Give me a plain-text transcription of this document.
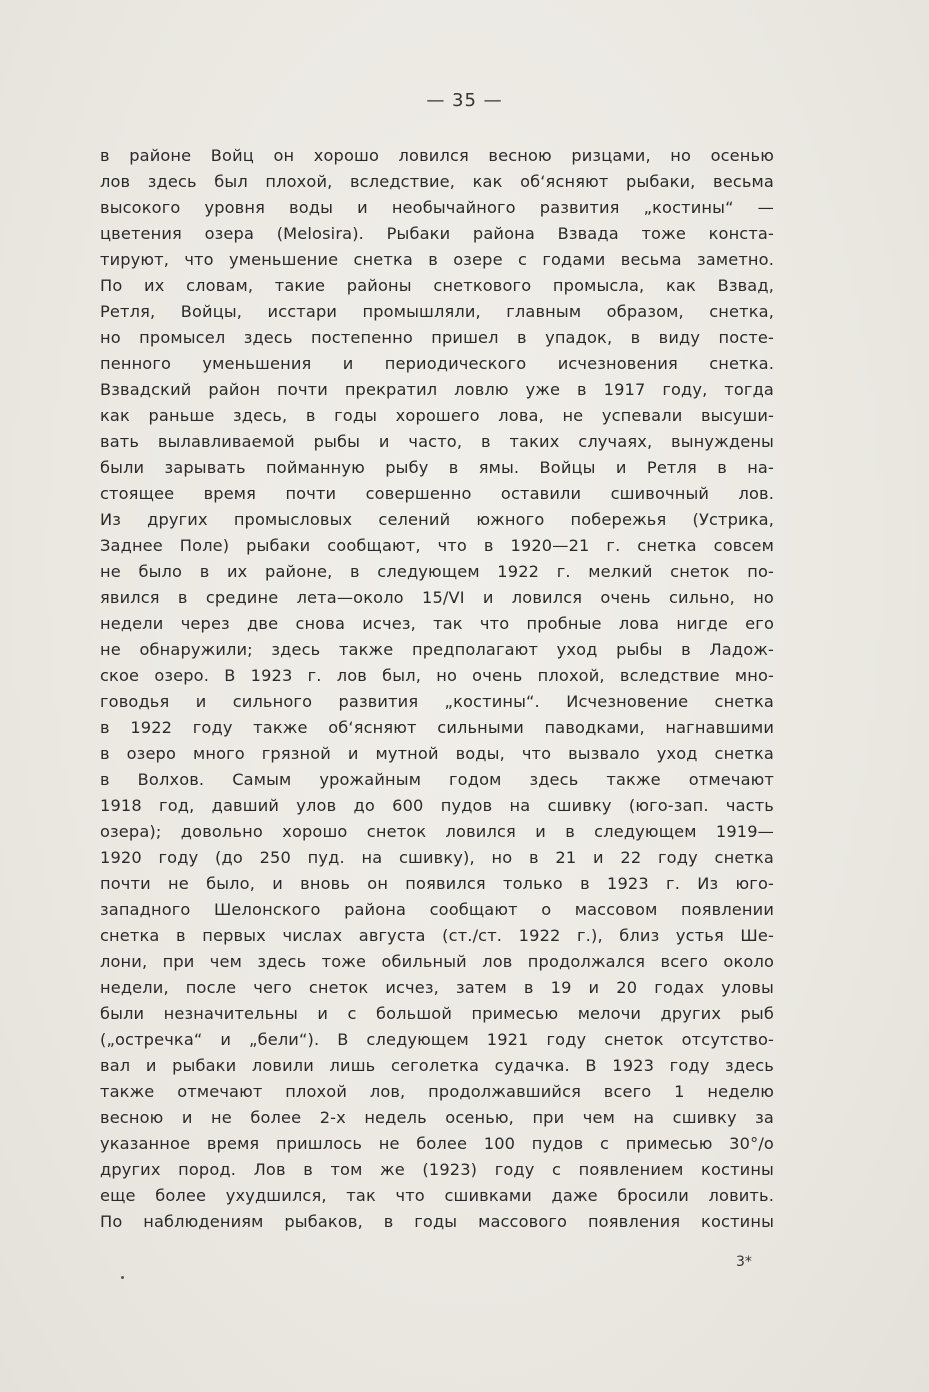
— 35 —
в районе Войц он хорошо ловился весною ризцами, но осенью
лов здесь был плохой, вследствие, как об‘ясняют рыбаки, весьма
высокого уровня воды и необычайного развития „костины“ —
цветения озера (Melosira). Рыбаки района Взвада тоже конста-
тируют, что уменьшение снетка в озере с годами весьма заметно.
По их словам, такие районы снеткового промысла, как Взвад,
Ретля, Войцы, исстари промышляли, главным образом, снетка,
но промысел здесь постепенно пришел в упадок, в виду посте-
пенного уменьшения и периодического исчезновения снетка.
Взвадский район почти прекратил ловлю уже в 1917 году, тогда
как раньше здесь, в годы хорошего лова, не успевали высуши-
вать вылавливаемой рыбы и часто, в таких случаях, вынуждены
были зарывать пойманную рыбу в ямы. Войцы и Ретля в на-
стоящее время почти совершенно оставили сшивочный лов.
Из других промысловых селений южного побережья (Устрика,
Заднее Поле) рыбаки сообщают, что в 1920—21 г. снетка совсем
не было в их районе, в следующем 1922 г. мелкий снеток по-
явился в средине лета—около 15/VI и ловился очень сильно, но
недели через две снова исчез, так что пробные лова нигде его
не обнаружили; здесь также предполагают уход рыбы в Ладож-
ское озеро. В 1923 г. лов был, но очень плохой, вследствие мно-
говодья и сильного развития „костины“. Исчезновение снетка
в 1922 году также об‘ясняют сильными паводками, нагнавшими
в озеро много грязной и мутной воды, что вызвало уход снетка
в Волхов. Самым урожайным годом здесь также отмечают
1918 год, давший улов до 600 пудов на сшивку (юго-зап. часть
озера); довольно хорошо снеток ловился и в следующем 1919—
1920 году (до 250 пуд. на сшивку), но в 21 и 22 году снетка
почти не было, и вновь он появился только в 1923 г. Из юго-
западного Шелонского района сообщают о массовом появлении
снетка в первых числах августа (ст./ст. 1922 г.), близ устья Ше-
лони, при чем здесь тоже обильный лов продолжался всего около
недели, после чего снеток исчез, затем в 19 и 20 годах уловы
были незначительны и с большой примесью мелочи других рыб
(„остречка“ и „бели“). В следующем 1921 году снеток отсутство-
вал и рыбаки ловили лишь сеголетка судачка. В 1923 году здесь
также отмечают плохой лов, продолжавшийся всего 1 неделю
весною и не более 2-х недель осенью, при чем на сшивку за
указанное время пришлось не более 100 пудов с примесью 30°/о
других пород. Лов в том же (1923) году с появлением костины
еще более ухудшился, так что сшивками даже бросили ловить.
По наблюдениям рыбаков, в годы массового появления костины
3*
